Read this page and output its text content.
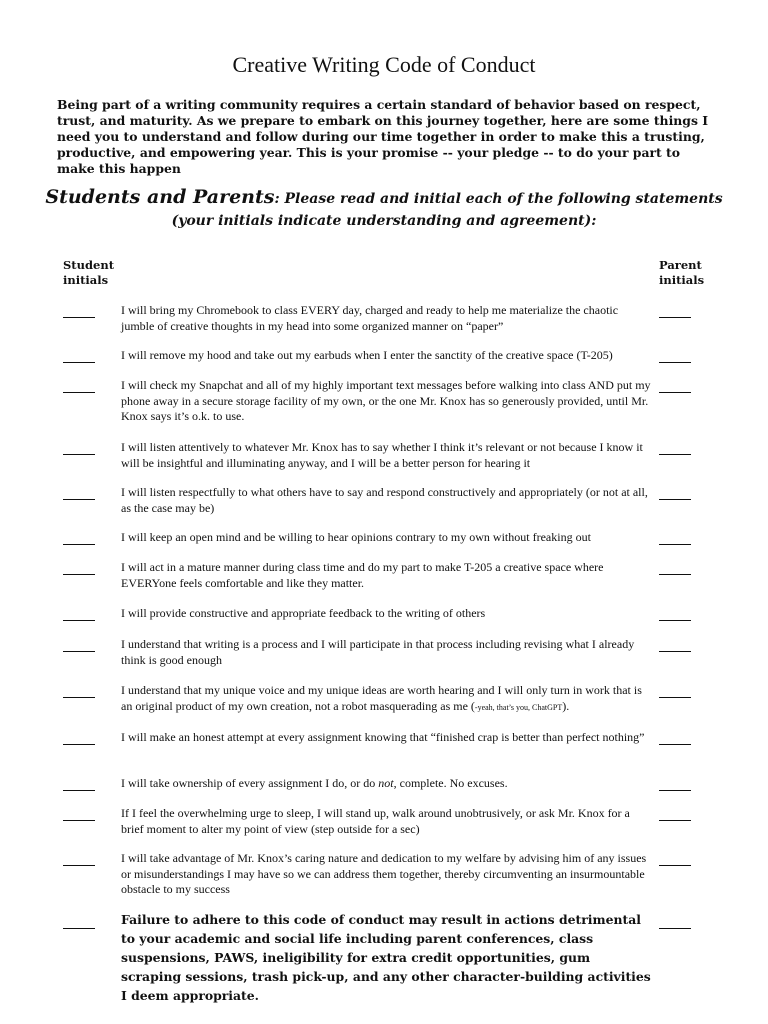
Creative Writing Code of Conduct
Being part of a writing community requires a certain standard of behavior based on respect, trust, and maturity. As we prepare to embark on this journey together, here are some things I need you to understand and follow during our time together in order to make this a trusting, productive, and empowering year. This is your promise -- your pledge -- to do your part to make this happen
Students and Parents: Please read and initial each of the following statements
(your initials indicate understanding and agreement):
Student
initials
Parent
initials
I will bring my Chromebook to class EVERY day, charged and ready to help me materialize the chaotic jumble of creative thoughts in my head into some organized manner on “paper”
I will remove my hood and take out my earbuds when I enter the sanctity of the creative space (T-205)
I will check my Snapchat and all of my highly important text messages before walking into class AND put my phone away in a secure storage facility of my own, or the one Mr. Knox has so generously provided, until Mr. Knox says it’s o.k. to use.
I will listen attentively to whatever Mr. Knox has to say whether I think it’s relevant or not because I know it will be insightful and illuminating anyway, and I will be a better person for hearing it
I will listen respectfully to what others have to say and respond constructively and appropriately (or not at all, as the case may be)
I will keep an open mind and be willing to hear opinions contrary to my own without freaking out
I will act in a mature manner during class time and do my part to make T-205 a creative space where EVERYone feels comfortable and like they matter.
I will provide constructive and appropriate feedback to the writing of others
I understand that writing is a process and I will participate in that process including revising what I already think is good enough
I understand that my unique voice and my unique ideas are worth hearing and I will only turn in work that is an original product of my own creation, not a robot masquerading as me (-yeah, that’s you, ChatGPT).
I will make an honest attempt at every assignment knowing that “finished crap is better than perfect nothing”
I will take ownership of every assignment I do, or do not, complete. No excuses.
If I feel the overwhelming urge to sleep, I will stand up, walk around unobtrusively, or ask Mr. Knox for a brief moment to alter my point of view (step outside for a sec)
I will take advantage of Mr. Knox’s caring nature and dedication to my welfare by advising him of any issues or misunderstandings I may have so we can address them together, thereby circumventing an insurmountable obstacle to my success
Failure to adhere to this code of conduct may result in actions detrimental to your academic and social life including parent conferences, class suspensions, PAWS, ineligibility for extra credit opportunities, gum scraping sessions, trash pick-up, and any other character-building activities I deem appropriate.
